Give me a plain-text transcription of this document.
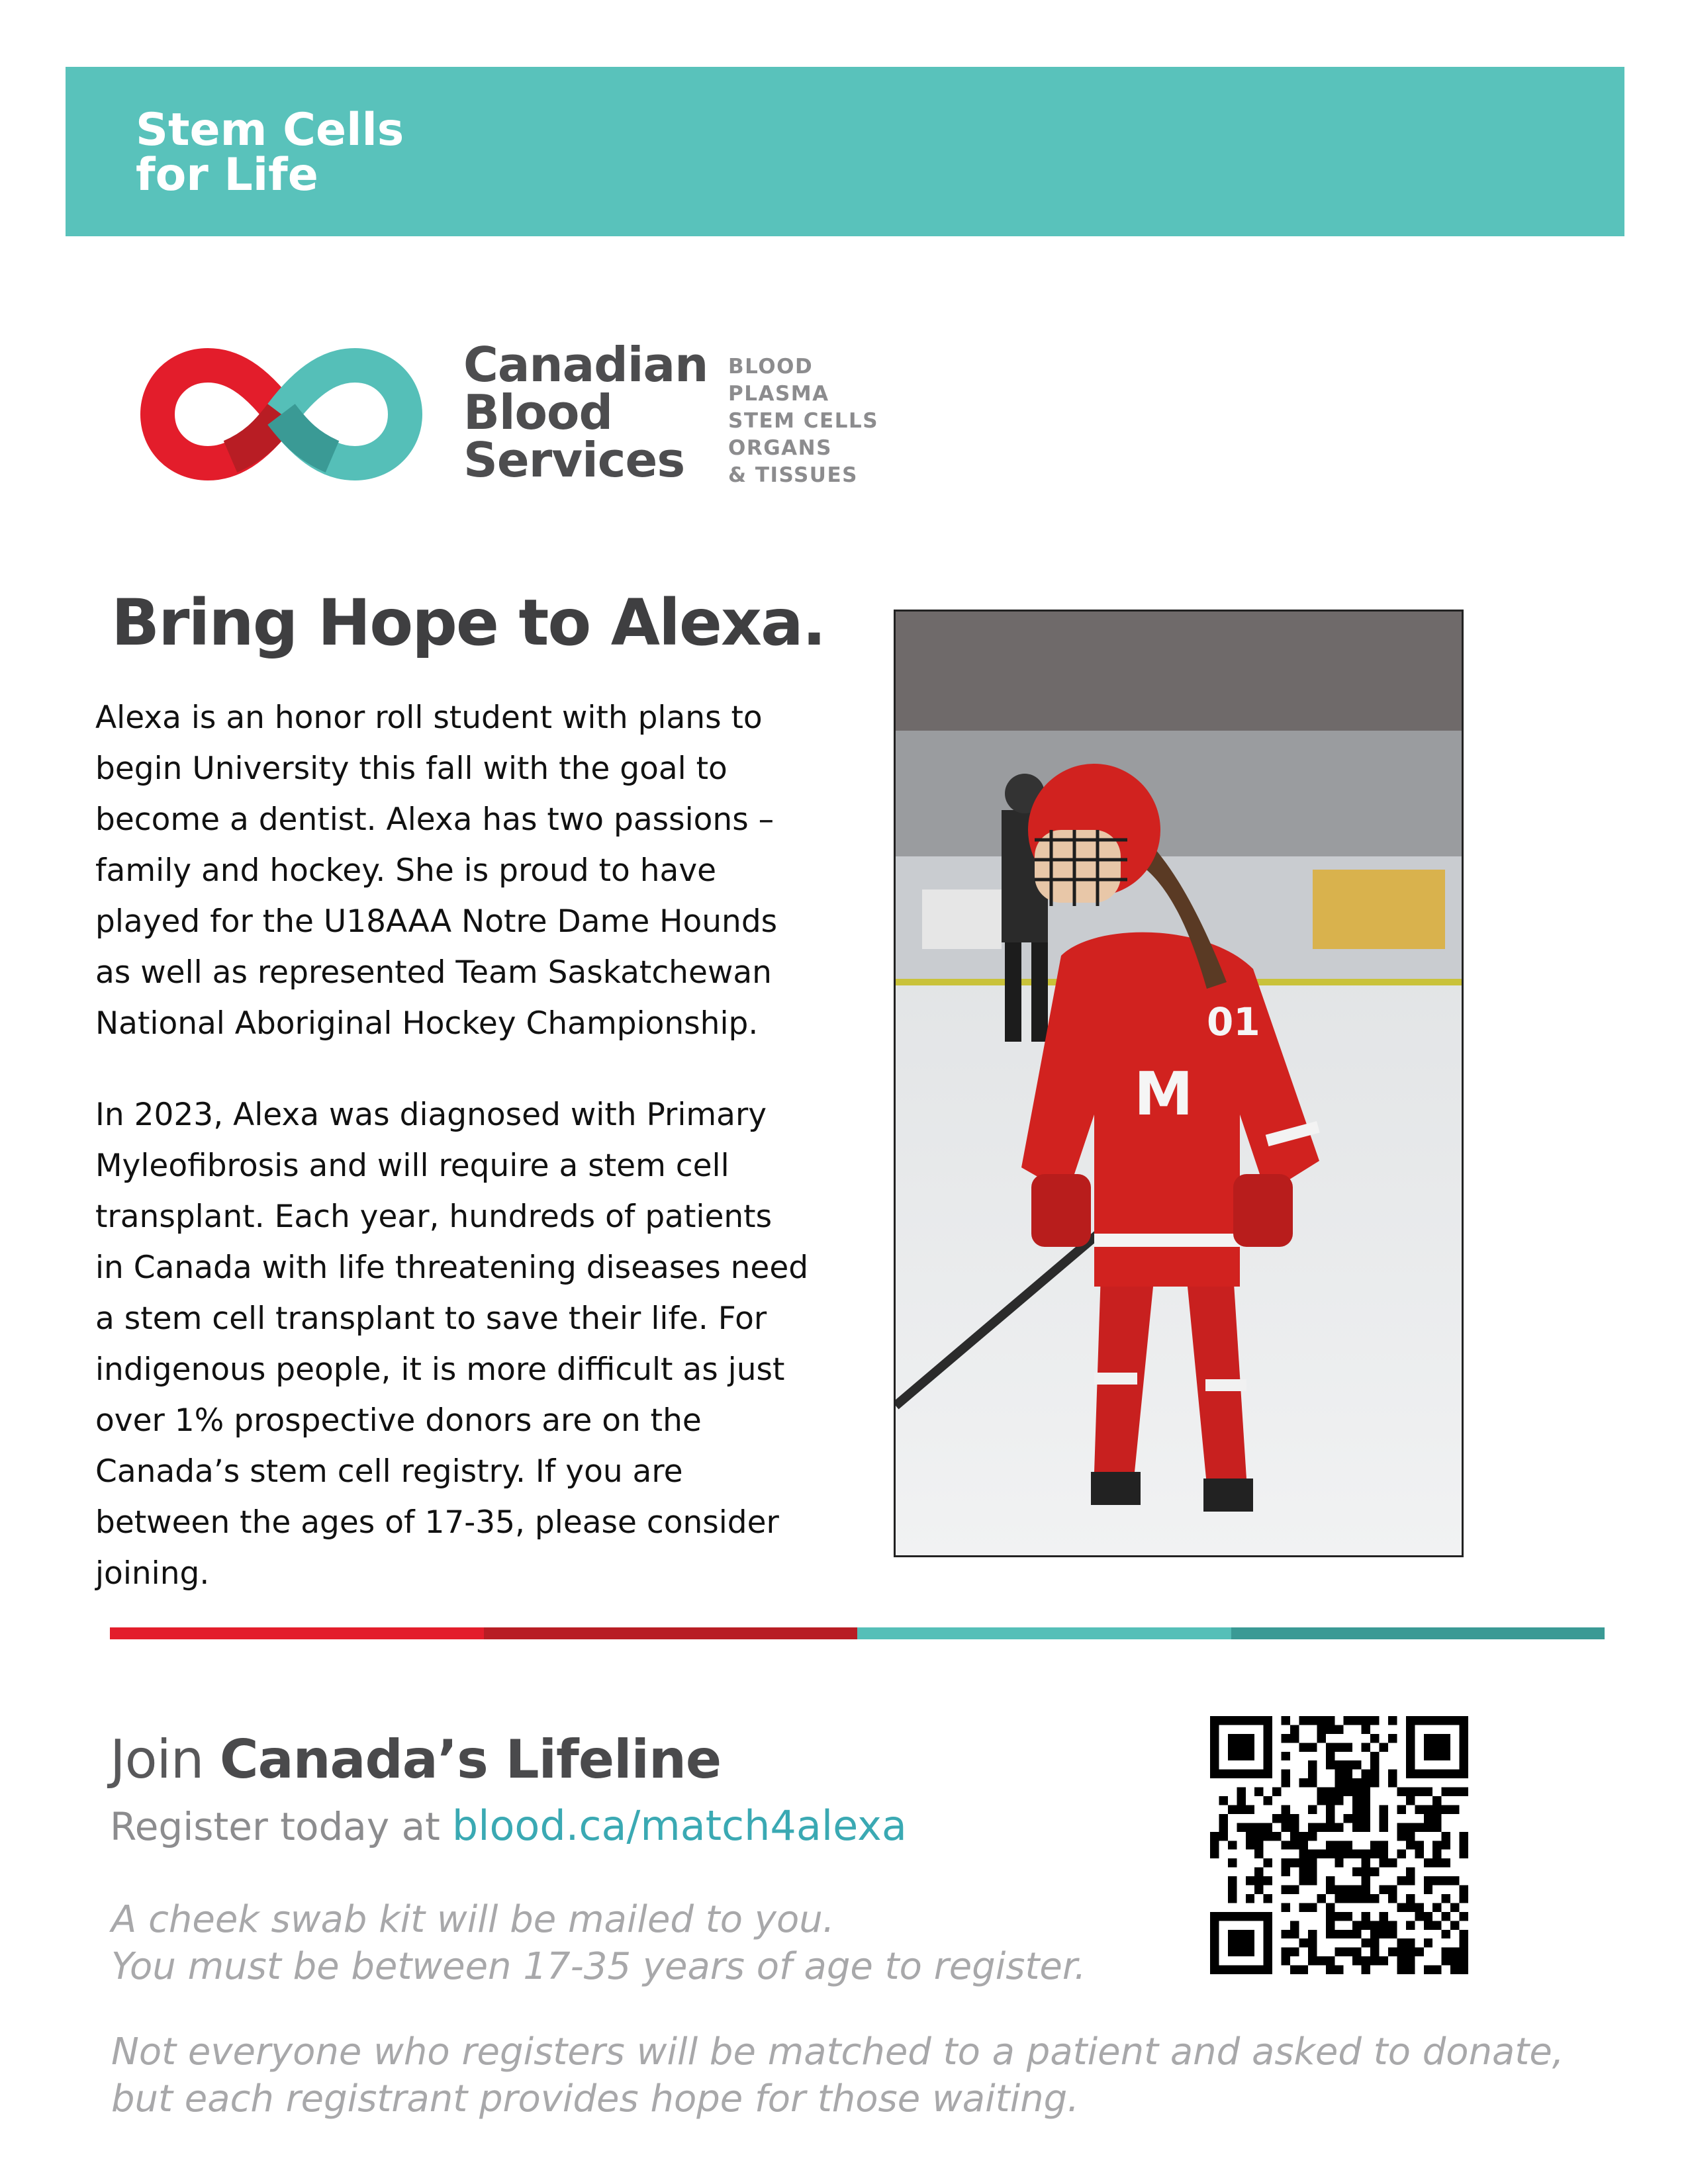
Stem Cells
for Life
Canadian
Blood
Services
BLOOD
PLASMA
STEM CELLS
ORGANS
& TISSUES
Bring Hope to Alexa.
Alexa is an honor roll student with plans to
begin University this fall with the goal to
become a dentist. Alexa has two passions –
family and hockey. She is proud to have
played for the U18AAA Notre Dame Hounds
as well as represented Team Saskatchewan
National Aboriginal Hockey Championship.
In 2023, Alexa was diagnosed with Primary
Myleofibrosis and will require a stem cell
transplant. Each year, hundreds of patients
in Canada with life threatening diseases need
a stem cell transplant to save their life. For
indigenous people, it is more difficult as just
over 1% prospective donors are on the
Canada’s stem cell registry. If you are
between the ages of 17-35, please consider
joining.
M
01
Join Canada’s Lifeline
Register today at blood.ca/match4alexa
A cheek swab kit will be mailed to you.
You must be between 17-35 years of age to register.
Not everyone who registers will be matched to a patient and asked to donate,
but each registrant provides hope for those waiting.
